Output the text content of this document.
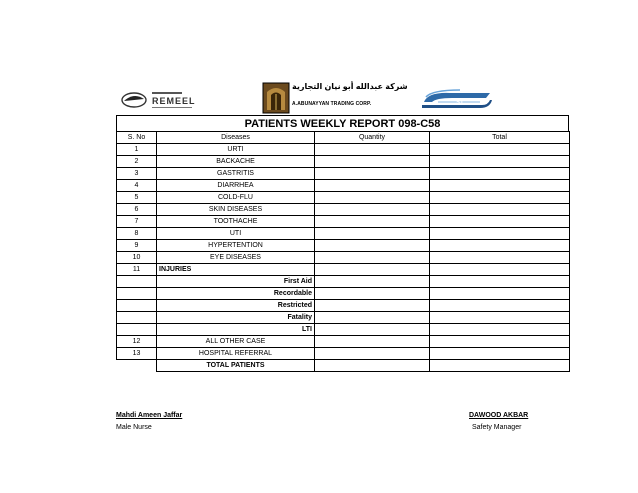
REMEEL
شركة عبدالله أبو نيان التجارية
A.ABUNAYYAN TRADING CORP.	ST
PATIENTS WEEKLY REPORT 098-C58
S. No	Diseases	Quantity	Total
1	URTI		
2	BACKACHE		
3	GASTRITIS		
4	DIARRHEA		
5	COLD-FLU		
6	SKIN DISEASES		
7	TOOTHACHE		
8	UTI		
9	HYPERTENTION		
10	EYE DISEASES		
11	INJURIES		
	First Aid		
	Recordable		
	Restricted		
	Fatality		
	LTI		
12	ALL OTHER CASE		
13	HOSPITAL REFERRAL		
	TOTAL PATIENTS		
Mahdi Ameen Jaffar
Male Nurse
DAWOOD AKBAR
Safety Manager
